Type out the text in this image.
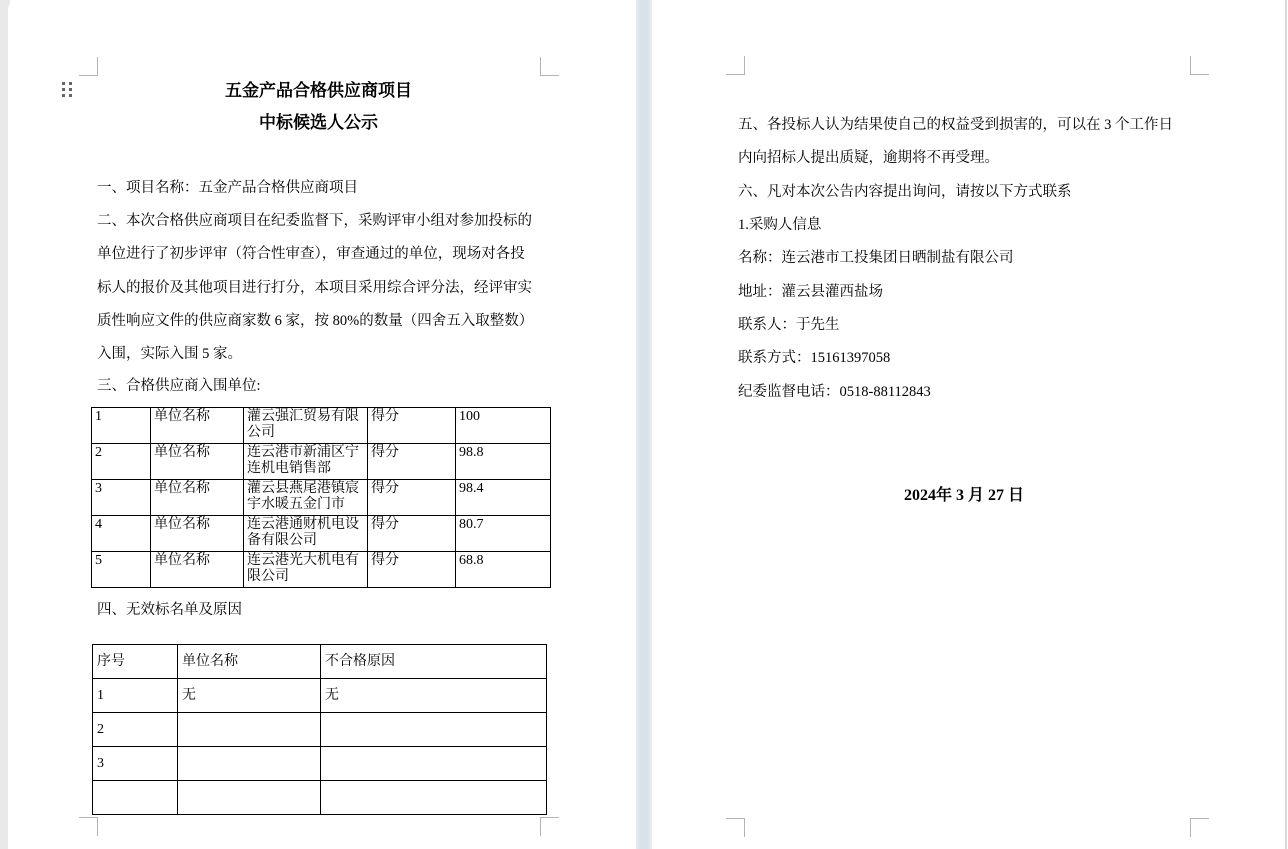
五金产品合格供应商项目
中标候选人公示
一、项目名称：五金产品合格供应商项目
二、本次合格供应商项目在纪委监督下，采购评审小组对参加投标的
单位进行了初步评审（符合性审查），审查通过的单位，现场对各投
标人的报价及其他项目进行打分，本项目采用综合评分法，经评审实
质性响应文件的供应商家数 6 家，按 80%的数量（四舍五入取整数）
入围，实际入围 5 家。
三、合格供应商入围单位:
1	单位名称	灌云强汇贸易有限公司	得分	100
2	单位名称	连云港市新浦区宁连机电销售部	得分	98.8
3	单位名称	灌云县燕尾港镇宸宇水暖五金门市	得分	98.4
4	单位名称	连云港通财机电设备有限公司	得分	80.7
5	单位名称	连云港光大机电有限公司	得分	68.8
四、无效标名单及原因
序号	单位名称	不合格原因
1	无	无
2		
3		

五、各投标人认为结果使自己的权益受到损害的，可以在 3 个工作日
内向招标人提出质疑，逾期将不再受理。
六、凡对本次公告内容提出询问，请按以下方式联系
1.采购人信息
名称：连云港市工投集团日晒制盐有限公司
地址：灌云县灌西盐场
联系人：于先生
联系方式：15161397058
纪委监督电话：0518-88112843
2024年 3 月 27 日
